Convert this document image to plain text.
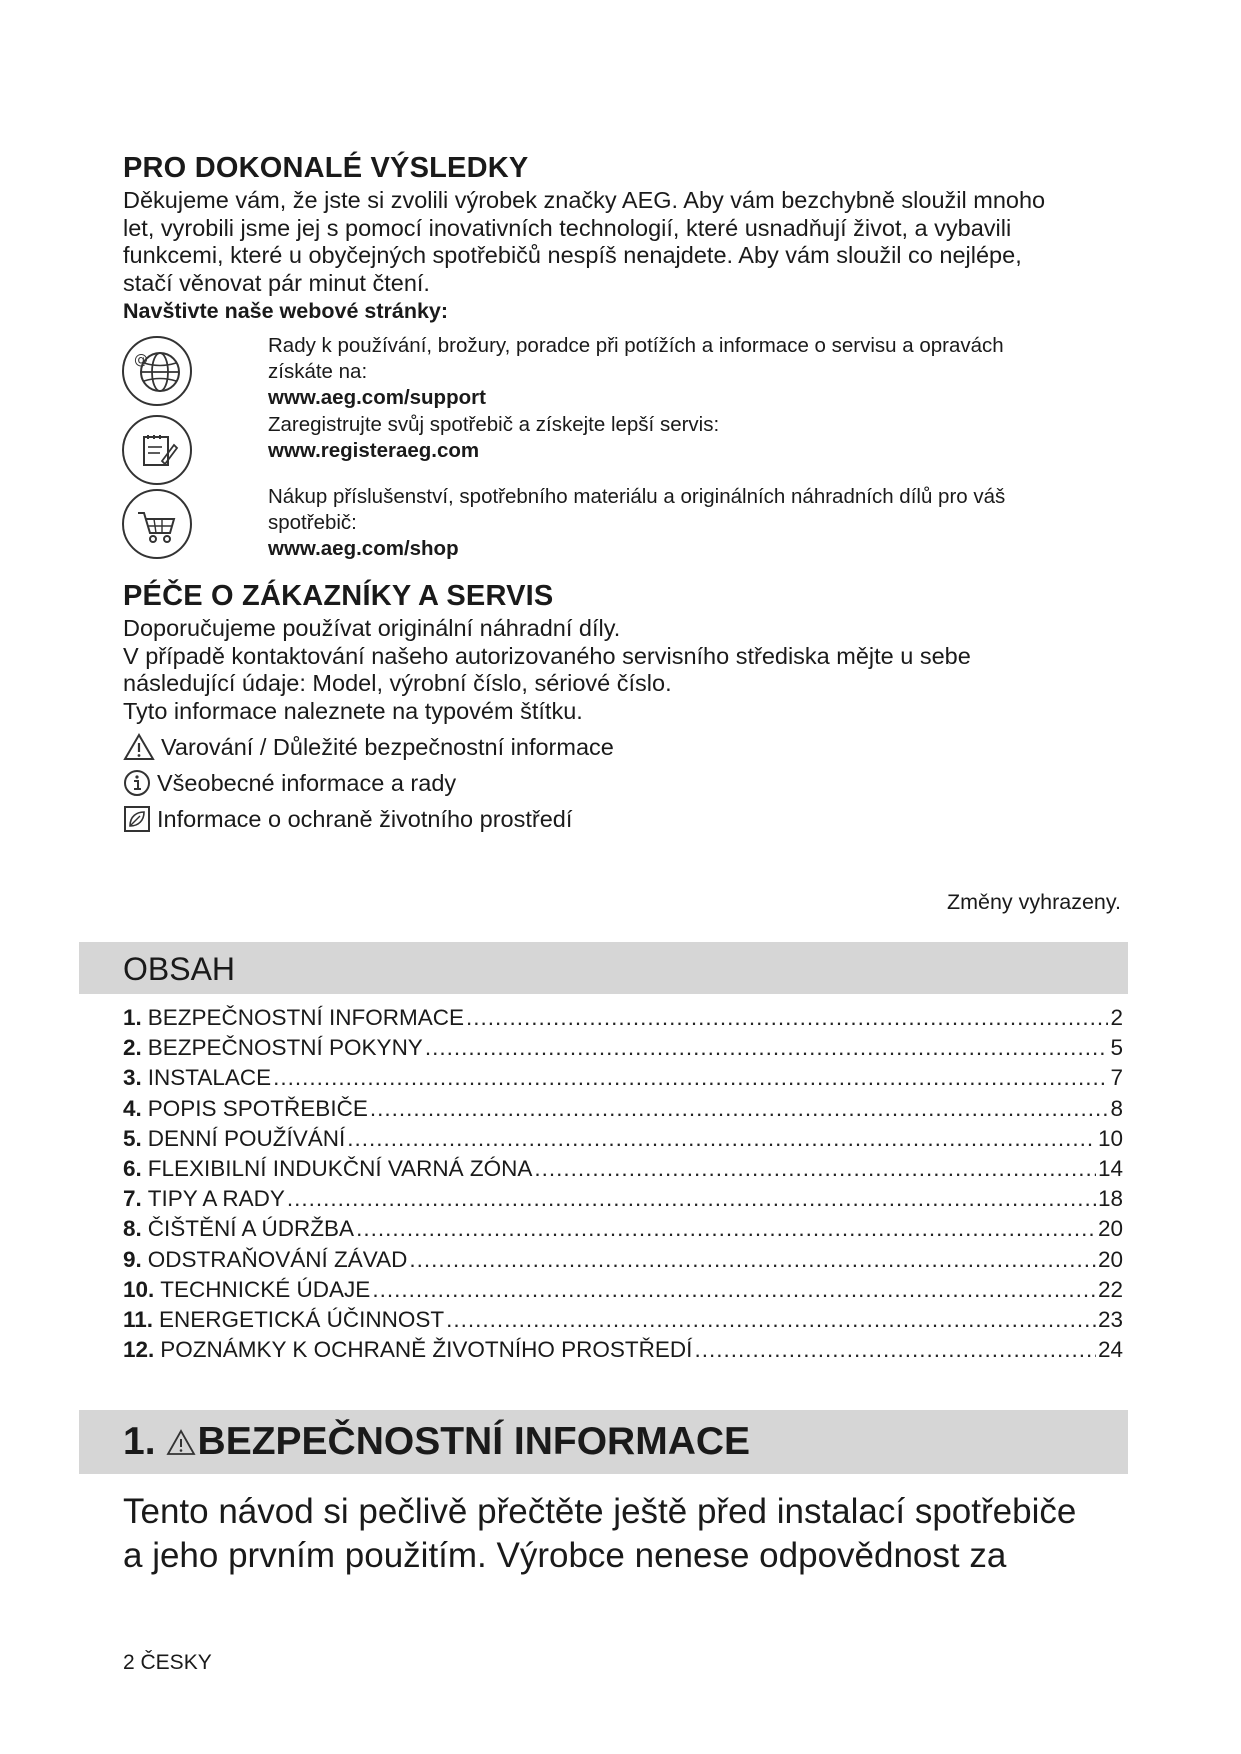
PRO DOKONALÉ VÝSLEDKY
Děkujeme vám, že jste si zvolili výrobek značky AEG. Aby vám bezchybně sloužil mnoho
let, vyrobili jsme jej s pomocí inovativních technologií, které usnadňují život, a vybavili
funkcemi, které u obyčejných spotřebičů nespíš nenajdete. Aby vám sloužil co nejlépe,
stačí věnovat pár minut čtení.
Navštivte naše webové stránky:
@
Rady k používání, brožury, poradce při potížích a informace o servisu a opravách
získáte na:
www.aeg.com/support
Zaregistrujte svůj spotřebič a získejte lepší servis:
www.registeraeg.com
Nákup příslušenství, spotřebního materiálu a originálních náhradních dílů pro váš
spotřebič:
www.aeg.com/shop
PÉČE O ZÁKAZNÍKY A SERVIS
Doporučujeme používat originální náhradní díly.
V případě kontaktování našeho autorizovaného servisního střediska mějte u sebe
následující údaje: Model, výrobní číslo, sériové číslo.
Tyto informace naleznete na typovém štítku.
Varování / Důležité bezpečnostní informace
Všeobecné informace a rady
Informace o ochraně životního prostředí
Změny vyhrazeny.
OBSAH
1. BEZPEČNOSTNÍ INFORMACE .....	2
2. BEZPEČNOSTNÍ POKYNY .....	5
3. INSTALACE .....	7
4. POPIS SPOTŘEBIČE .....	8
5. DENNÍ POUŽÍVÁNÍ .....	10
6. FLEXIBILNÍ INDUKČNÍ VARNÁ ZÓNA .....	14
7. TIPY A RADY .....	18
8. ČIŠTĚNÍ A ÚDRŽBA .....	20
9. ODSTRAŇOVÁNÍ ZÁVAD .....	20
10. TECHNICKÉ ÚDAJE .....	22
11. ENERGETICKÁ ÚČINNOST .....	23
12. POZNÁMKY K OCHRANĚ ŽIVOTNÍHO PROSTŘEDÍ .....	24
1. BEZPEČNOSTNÍ INFORMACE
Tento návod si pečlivě přečtěte ještě před instalací spotřebiče
a jeho prvním použitím. Výrobce nenese odpovědnost za
2 ČESKY
